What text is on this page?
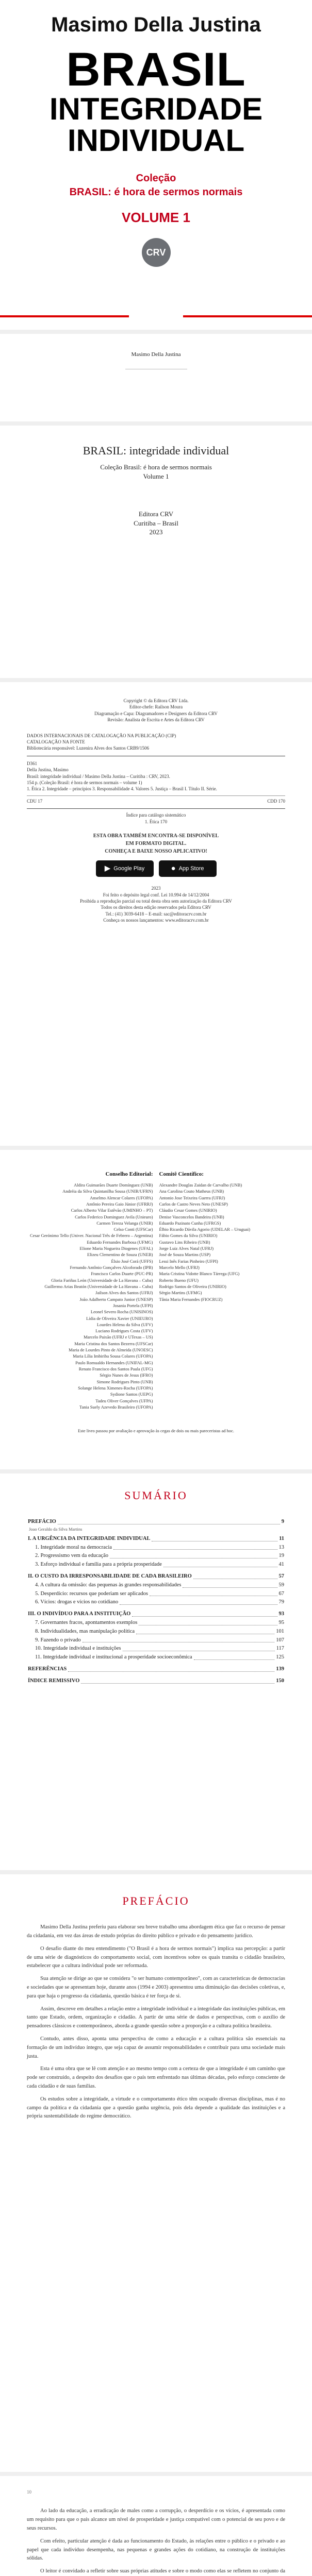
Masimo Della Justina
BRASIL
INTEGRIDADE
INDIVIDUAL
Coleção
BRASIL: é hora de sermos normais
VOLUME 1
CRV
Masimo Della Justina
BRASIL: integridade individual
Coleção Brasil: é hora de sermos normais
Volume 1
Editora CRV
Curitiba – Brasil
2023
Copyright © da Editora CRV Ltda.
Editor-chefe: Railson Moura
Diagramação e Capa: Diagramadores e Designers da Editora CRV
Revisão: Analista de Escrita e Artes da Editora CRV
DADOS INTERNACIONAIS DE CATALOGAÇÃO NA PUBLICAÇÃO (CIP)
CATALOGAÇÃO NA FONTE
Bibliotecária responsável: Luzenira Alves dos Santos CRB9/1506
D361
Della Justina, Masimo
Brasil: integridade individual / Masimo Della Justina – Curitiba : CRV, 2023.
154 p. (Coleção Brasil: é hora de sermos normais – volume 1)
1. Ética 2. Integridade – princípios 3. Responsabilidade 4. Valores 5. Justiça – Brasil I. Título II. Série.
CDU 17	CDD 170
Índice para catálogo sistemático
1. Ética 170
ESTA OBRA TAMBÉM ENCONTRA-SE DISPONÍVEL
EM FORMATO DIGITAL.
CONHEÇA E BAIXE NOSSO APLICATIVO!
▶ Google Play	● App Store
2023
Foi feito o depósito legal conf. Lei 10.994 de 14/12/2004
Proibida a reprodução parcial ou total desta obra sem autorização da Editora CRV
Todos os direitos desta edição reservados pela Editora CRV
Tel.: (41) 3039-6418 – E-mail: sac@editoracrv.com.br
Conheça os nossos lançamentos: www.editoracrv.com.br
Conselho Editorial:
Aldira Guimarães Duarte Domínguez (UNB)
Andréia da Silva Quintanilha Sousa (UNIR/UFRN)
Anselmo Alencar Colares (UFOPA)
Antônio Pereira Gaio Júnior (UFRRJ)
Carlos Alberto Vilar Estêvão (UMINHO – PT)
Carlos Federico Dominguez Avila (Unieuro)
Carmen Tereza Velanga (UNIR)
Celso Conti (UFSCar)
Cesar Gerónimo Tello (Univer. Nacional Três de Febrero – Argentina)
Eduardo Fernandes Barbosa (UFMG)
Elione Maria Nogueira Diogenes (UFAL)
Elizeu Clementino de Souza (UNEB)
Élsio José Corá (UFFS)
Fernando Antônio Gonçalves Alcoforado (IPB)
Francisco Carlos Duarte (PUC-PR)
Gloria Fariñas León (Universidade de La Havana – Cuba)
Guillermo Arias Beatón (Universidade de La Havana – Cuba)
Jailson Alves dos Santos (UFRJ)
João Adalberto Campato Junior (UNESP)
Josania Portela (UFPI)
Leonel Severo Rocha (UNISINOS)
Lídia de Oliveira Xavier (UNIEURO)
Lourdes Helena da Silva (UFV)
Luciano Rodrigues Costa (UFV)
Marcelo Paixão (UFRJ e UTexas – US)
Maria Cristina dos Santos Bezerra (UFSCar)
Maria de Lourdes Pinto de Almeida (UNOESC)
Maria Lília Imbiriba Sousa Colares (UFOPA)
Paulo Romualdo Hernandes (UNIFAL-MG)
Renato Francisco dos Santos Paula (UFG)
Sérgio Nunes de Jesus (IFRO)
Simone Rodrigues Pinto (UNB)
Solange Helena Ximenes-Rocha (UFOPA)
Sydione Santos (UEPG)
Tadeu Oliver Gonçalves (UFPA)
Tania Suely Azevedo Brasileiro (UFOPA)
Comitê Científico:
Alexandre Douglas Zaidan de Carvalho (UNB)
Ana Carolina Couto Matheus (UNB)
Antonio Jose Teixeira Guerra (UFRJ)
Carlos de Castro Neves Neto (UNESP)
Cláudio Cesar Gomes (UNIRIO)
Denise Vasconcelos Bandeira (UNB)
Eduardo Pazinato Cunha (UFRGS)
Élbio Ricardo Dávila Agorio (UDELAR – Uruguai)
Fábio Gomes da Silva (UNIRIO)
Gustavo Lins Ribeiro (UNB)
Jorge Luiz Alves Natal (UFRJ)
José de Souza Martins (USP)
Lessi Inês Farias Pinheiro (UFPI)
Marcelo Mello (UFRJ)
Maria Cristina Vidotte Blanco Tárrega (UFG)
Roberto Bueno (UFU)
Rodrigo Santos de Oliveira (UNIRIO)
Sérgio Martins (UFMG)
Tânia Maria Fernandes (FIOCRUZ)
Este livro passou por avaliação e aprovação às cegas de dois ou mais pareceristas ad hoc.
SUMÁRIO
PREFÁCIO	9
Joao Geraldo da Silva Martins
I. A URGÊNCIA DA INTEGRIDADE INDIVIDUAL	11
1. Integridade moral na democracia	13
2. Progressismo vem da educação	19
3. Esforço individual e família para a própria prosperidade	41
II. O CUSTO DA IRRESPONSABILIDADE DE CADA BRASILEIRO	57
4. A cultura da omissão: das pequenas às grandes responsabilidades	59
5. Desperdício: recursos que poderiam ser aplicados	67
6. Vícios: drogas e vícios no cotidiano	79
III. O INDIVÍDUO PARA A INSTITUIÇÃO	93
7. Governantes fracos, apontamentos exemplos	95
8. Individualidades, mas manipulação política	101
9. Fazendo o privado	107
10. Integridade individual e instituições	117
11. Integridade individual e institucional a prosperidade socioeconômica	125
REFERÊNCIAS	139
ÍNDICE REMISSIVO	150
PREFÁCIO

Masimo Della Justina preferiu para elaborar seu breve trabalho uma abordagem ética que faz o recurso de pensar da cidadania, em vez das áreas de estudo próprias do direito público e privado e do pensamento jurídico.

O desafio diante do meu entendimento ("O Brasil é a hora de sermos normais") implica sua percepção: a partir de uma série de diagnósticos do comportamento social, com incentivos sobre os quais transita o cidadão brasileiro, estabelecer que a cultura individual pode ser reformada.

Sua atenção se dirige ao que se considera "o ser humano contemporâneo", com as características de democracias e sociedades que se apresentam hoje, durante anos (1994 e 2003) apresentou uma diminuição das decisões coletivas, e, para que haja o progresso da cidadania, questão básica é ter força de si.

Assim, descreve em detalhes a relação entre a integridade individual e a integridade das instituições públicas, em tanto que Estado, ordem, organização e cidadão. A partir de uma série de dados e perspectivas, com o auxílio de pensadores clássicos e contemporâneos, aborda a grande questão sobre a proporção e a cultura política brasileira.

Contudo, antes disso, aponta uma perspectiva de como a educação e a cultura política são essenciais na formação de um indivíduo íntegro, que seja capaz de assumir responsabilidades e contribuir para uma sociedade mais justa.

Esta é uma obra que se lê com atenção e ao mesmo tempo com a certeza de que a integridade é um caminho que pode ser construído, a despeito dos desafios que o país tem enfrentado nas últimas décadas, pelo esforço consciente de cada cidadão e de suas famílias.

Os estudos sobre a integridade, a virtude e o comportamento ético têm ocupado diversas disciplinas, mas é no campo da política e da cidadania que a questão ganha urgência, pois dela depende a qualidade das instituições e a própria sustentabilidade do regime democrático.

10

Ao lado da educação, a erradicação de males como a corrupção, o desperdício e os vícios, é apresentada como um requisito para que o país alcance um nível de prosperidade e justiça compatível com o potencial de seu povo e de seus recursos.

Com efeito, particular atenção é dada ao funcionamento do Estado, às relações entre o público e o privado e ao papel que cada indivíduo desempenha, nas pequenas e grandes ações do cotidiano, na construção de instituições sólidas.

O leitor é convidado a refletir sobre suas próprias atitudes e sobre o modo como elas se refletem no conjunto da
